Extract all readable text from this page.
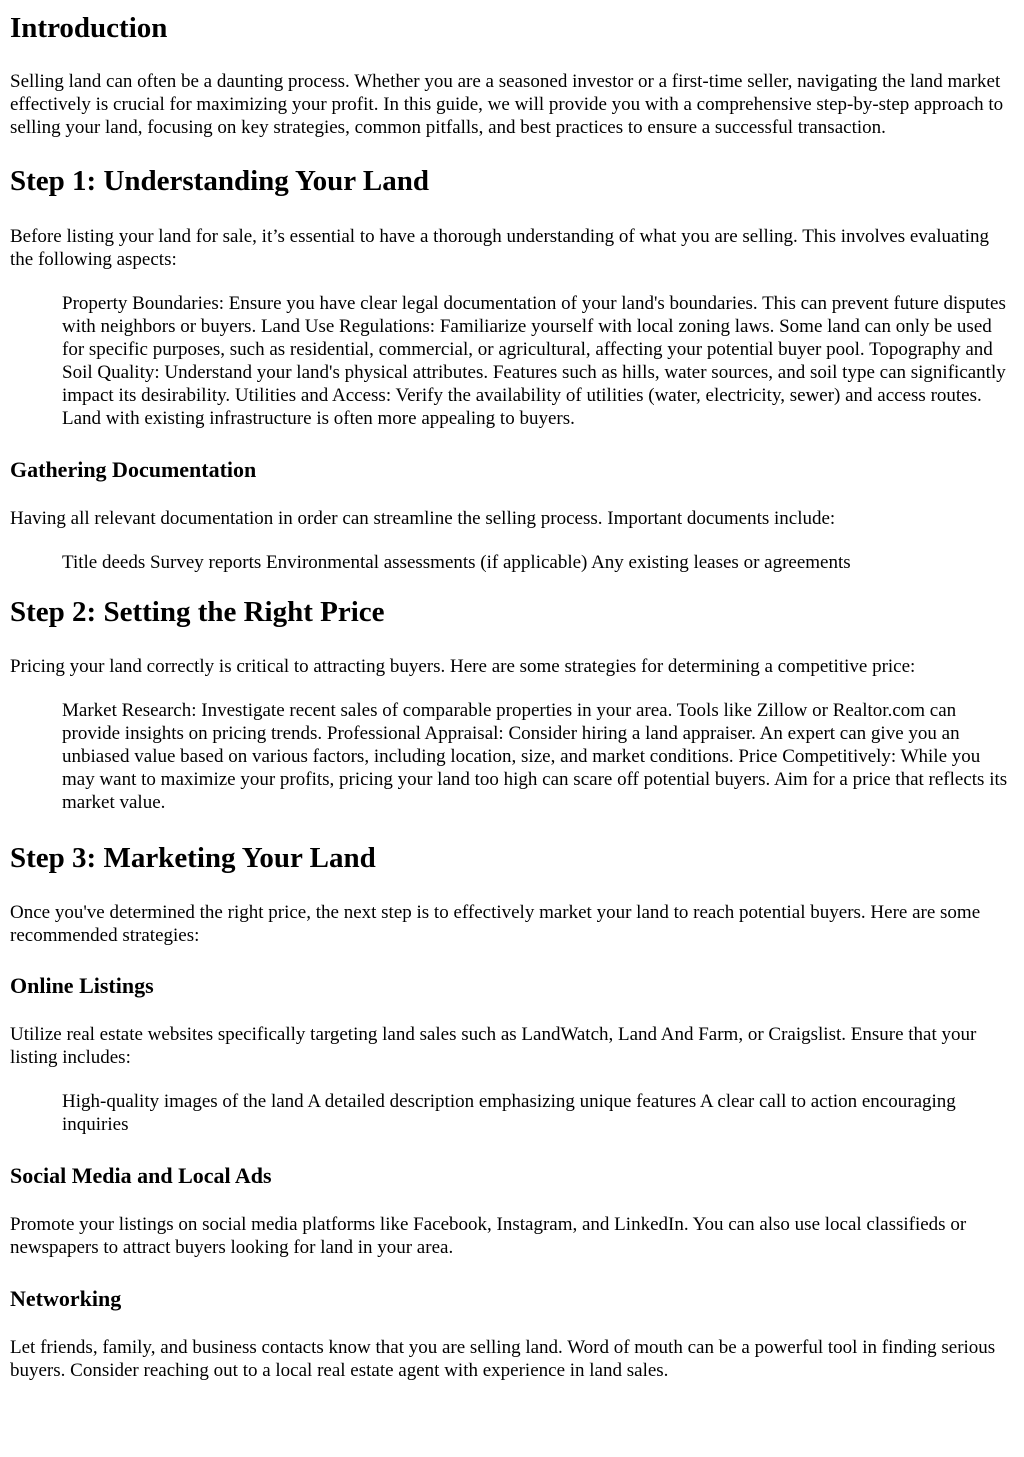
Introduction

Selling land can often be a daunting process. Whether you are a seasoned investor or a first-time seller, navigating the land market effectively is crucial for maximizing your profit. In this guide, we will provide you with a comprehensive step-by-step approach to selling your land, focusing on key strategies, common pitfalls, and best practices to ensure a successful transaction.

Step 1: Understanding Your Land

Before listing your land for sale, it’s essential to have a thorough understanding of what you are selling. This involves evaluating the following aspects:

Property Boundaries: Ensure you have clear legal documentation of your land's boundaries. This can prevent future disputes with neighbors or buyers. Land Use Regulations: Familiarize yourself with local zoning laws. Some land can only be used for specific purposes, such as residential, commercial, or agricultural, affecting your potential buyer pool. Topography and Soil Quality: Understand your land's physical attributes. Features such as hills, water sources, and soil type can significantly impact its desirability. Utilities and Access: Verify the availability of utilities (water, electricity, sewer) and access routes. Land with existing infrastructure is often more appealing to buyers.
Gathering Documentation

Having all relevant documentation in order can streamline the selling process. Important documents include:

Title deeds Survey reports Environmental assessments (if applicable) Any existing leases or agreements
Step 2: Setting the Right Price

Pricing your land correctly is critical to attracting buyers. Here are some strategies for determining a competitive price:

Market Research: Investigate recent sales of comparable properties in your area. Tools like Zillow or Realtor.com can provide insights on pricing trends. Professional Appraisal: Consider hiring a land appraiser. An expert can give you an unbiased value based on various factors, including location, size, and market conditions. Price Competitively: While you may want to maximize your profits, pricing your land too high can scare off potential buyers. Aim for a price that reflects its market value.
Step 3: Marketing Your Land

Once you've determined the right price, the next step is to effectively market your land to reach potential buyers. Here are some recommended strategies:

Online Listings

Utilize real estate websites specifically targeting land sales such as LandWatch, Land And Farm, or Craigslist. Ensure that your listing includes:

High-quality images of the land A detailed description emphasizing unique features A clear call to action encouraging inquiries
Social Media and Local Ads

Promote your listings on social media platforms like Facebook, Instagram, and LinkedIn. You can also use local classifieds or newspapers to attract buyers looking for land in your area.

Networking

Let friends, family, and business contacts know that you are selling land. Word of mouth can be a powerful tool in finding serious buyers. Consider reaching out to a local real estate agent with experience in land sales.
